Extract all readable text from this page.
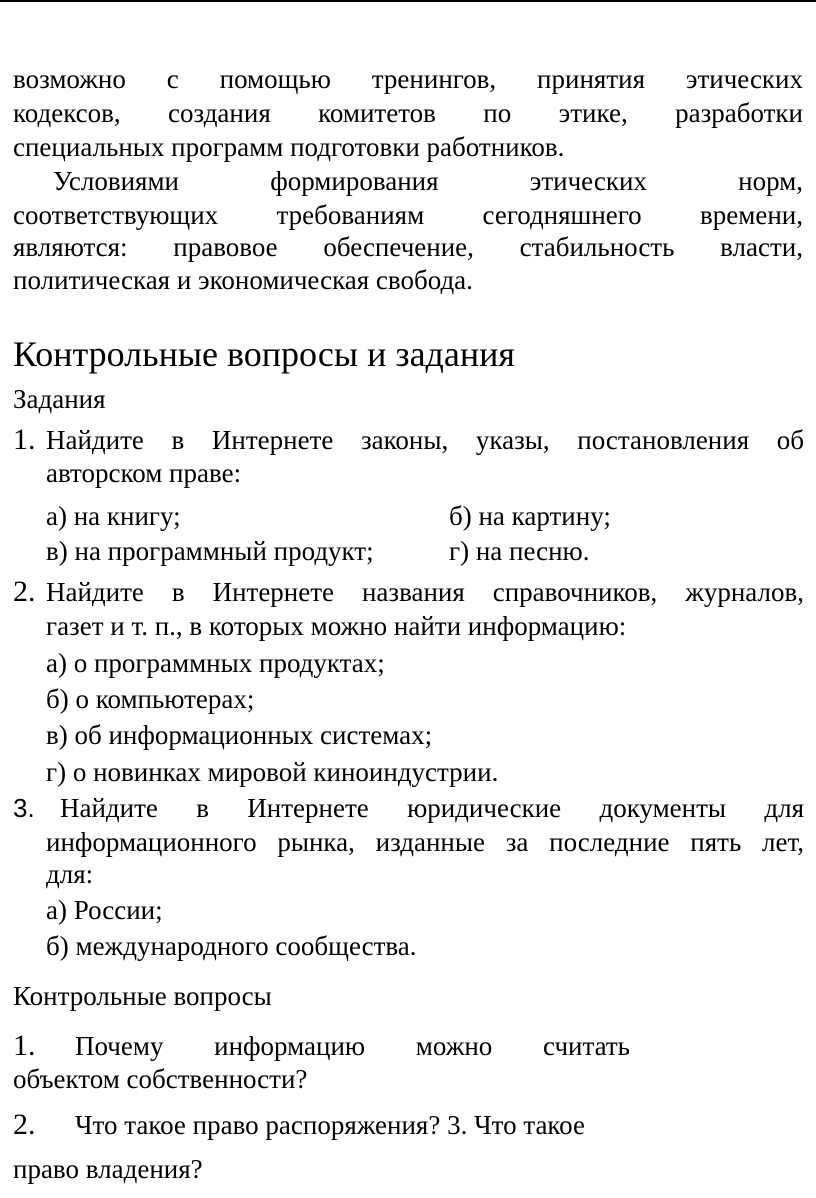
возможно с помощью тренингов, принятия этических
кодексов, создания комитетов по этике, разработки
специальных программ подготовки работников.
Условиями формирования этических норм,
соответствующих требованиям сегодняшнего времени,
являются: правовое обеспечение, стабильность власти,
политическая и экономическая свобода.
Контрольные вопросы и задания
Задания
1. Найдите в Интернете законы, указы, постановления об
авторском праве:
а) на книгу;	б) на картину;
в) на программный продукт;	г) на песню.
2. Найдите в Интернете названия справочников, журналов,
газет и т. п., в которых можно найти информацию:
а) о программных продуктах;
б) о компьютерах;
в) об информационных системах;
г) о новинках мировой киноиндустрии.
3. Найдите в Интернете юридические документы для
информационного рынка, изданные за последние пять лет,
для:
а) России;
б) международного сообщества.
Контрольные вопросы
1. Почему информацию можно считать
объектом собственности?
2. Что такое право распоряжения? 3. Что такое
право владения?
